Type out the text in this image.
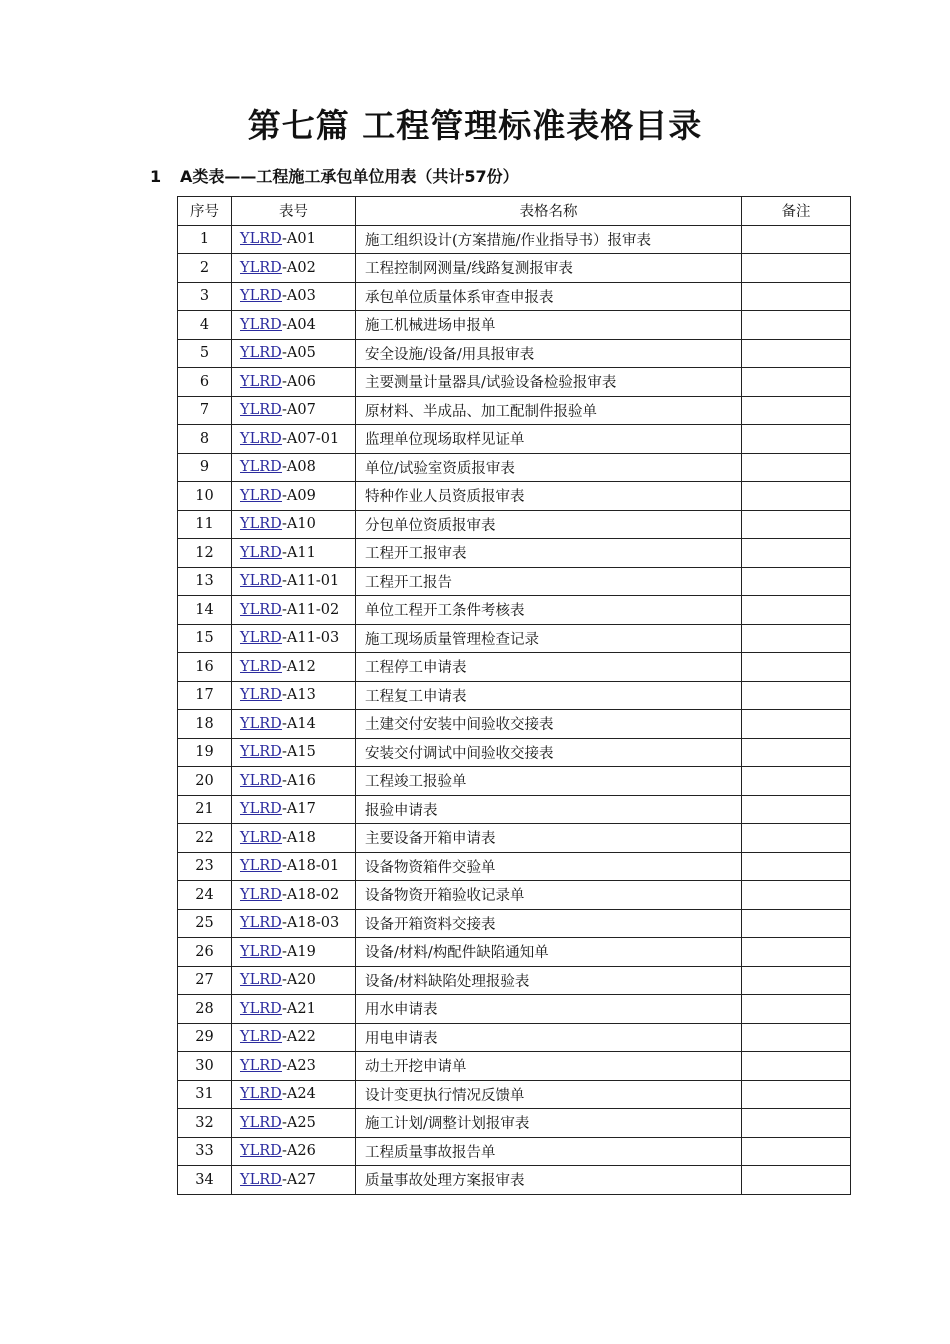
第七篇 工程管理标准表格目录
1 A类表——工程施工承包单位用表（共计57份）
序号	表号	表格名称	备注
1	YLRD-A01	施工组织设计(方案措施/作业指导书）报审表	
2	YLRD-A02	工程控制网测量/线路复测报审表	
3	YLRD-A03	承包单位质量体系审查申报表	
4	YLRD-A04	施工机械进场申报单	
5	YLRD-A05	安全设施/设备/用具报审表	
6	YLRD-A06	主要测量计量器具/试验设备检验报审表	
7	YLRD-A07	原材料、半成品、加工配制件报验单	
8	YLRD-A07-01	监理单位现场取样见证单	
9	YLRD-A08	单位/试验室资质报审表	
10	YLRD-A09	特种作业人员资质报审表	
11	YLRD-A10	分包单位资质报审表	
12	YLRD-A11	工程开工报审表	
13	YLRD-A11-01	工程开工报告	
14	YLRD-A11-02	单位工程开工条件考核表	
15	YLRD-A11-03	施工现场质量管理检查记录	
16	YLRD-A12	工程停工申请表	
17	YLRD-A13	工程复工申请表	
18	YLRD-A14	土建交付安装中间验收交接表	
19	YLRD-A15	安装交付调试中间验收交接表	
20	YLRD-A16	工程竣工报验单	
21	YLRD-A17	报验申请表	
22	YLRD-A18	主要设备开箱申请表	
23	YLRD-A18-01	设备物资箱件交验单	
24	YLRD-A18-02	设备物资开箱验收记录单	
25	YLRD-A18-03	设备开箱资料交接表	
26	YLRD-A19	设备/材料/构配件缺陷通知单	
27	YLRD-A20	设备/材料缺陷处理报验表	
28	YLRD-A21	用水申请表	
29	YLRD-A22	用电申请表	
30	YLRD-A23	动土开挖申请单	
31	YLRD-A24	设计变更执行情况反馈单	
32	YLRD-A25	施工计划/调整计划报审表	
33	YLRD-A26	工程质量事故报告单	
34	YLRD-A27	质量事故处理方案报审表	
